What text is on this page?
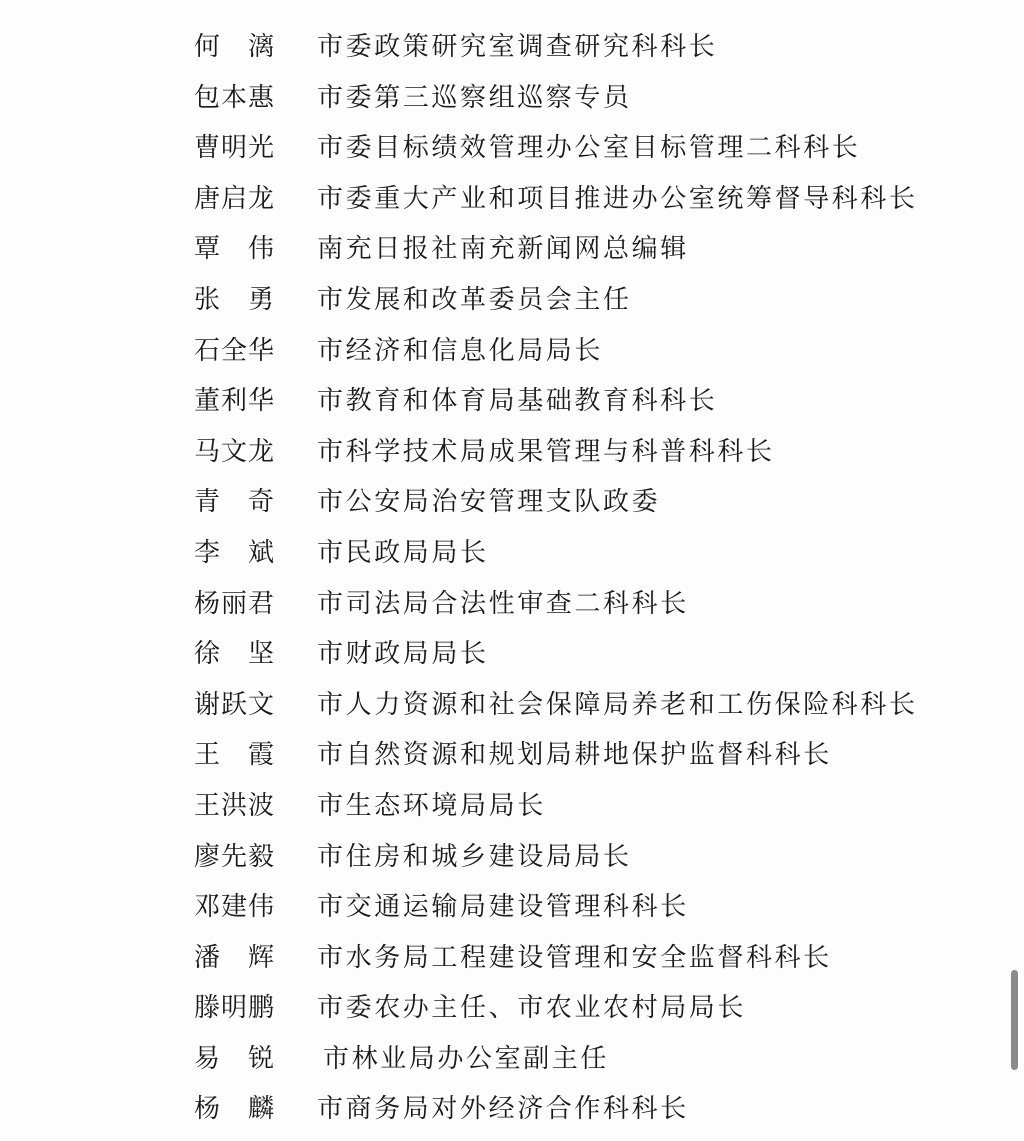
何　漓	市委政策研究室调查研究科科长
包本惠	市委第三巡察组巡察专员
曹明光	市委目标绩效管理办公室目标管理二科科长
唐启龙	市委重大产业和项目推进办公室统筹督导科科长
覃　伟	南充日报社南充新闻网总编辑
张　勇	市发展和改革委员会主任
石全华	市经济和信息化局局长
董利华	市教育和体育局基础教育科科长
马文龙	市科学技术局成果管理与科普科科长
青　奇	市公安局治安管理支队政委
李　斌	市民政局局长
杨丽君	市司法局合法性审查二科科长
徐　坚	市财政局局长
谢跃文	市人力资源和社会保障局养老和工伤保险科科长
王　霞	市自然资源和规划局耕地保护监督科科长
王洪波	市生态环境局局长
廖先毅	市住房和城乡建设局局长
邓建伟	市交通运输局建设管理科科长
潘　辉	市水务局工程建设管理和安全监督科科长
滕明鹏	市委农办主任、市农业农村局局长
易　锐	市林业局办公室副主任
杨　麟	市商务局对外经济合作科科长
